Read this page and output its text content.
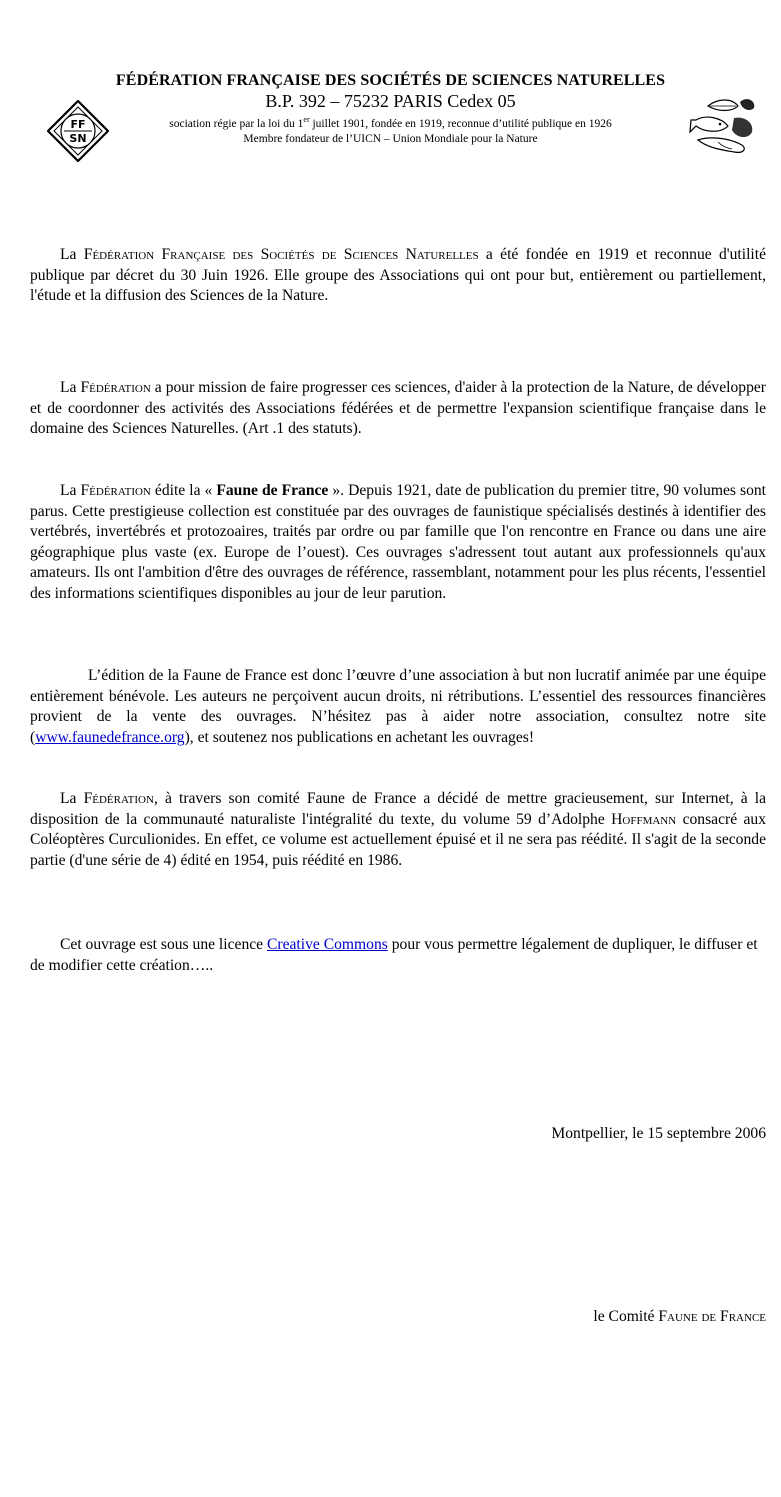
FÉDÉRATION FRANÇAISE DES SOCIÉTÉS DE SCIENCES NATURELLES
B.P. 392 – 75232 PARIS Cedex 05
sociation régie par la loi du 1er juillet 1901, fondée en 1919, reconnue d’utilité publique en 1926
Membre fondateur de l’UICN – Union Mondiale pour la Nature
FF
SN
La Fédération Française des Sociétés de Sciences Naturelles a été fondée en 1919 et reconnue d'utilité publique par décret du 30 Juin 1926. Elle groupe des Associations qui ont pour but, entièrement ou partiellement, l'étude et la diffusion des Sciences de la Nature.
La Fédération a pour mission de faire progresser ces sciences, d'aider à la protection de la Nature, de développer et de coordonner des activités des Associations fédérées et de permettre l'expansion scientifique française dans le domaine des Sciences Naturelles. (Art .1 des statuts).
La Fédération édite la « Faune de France ». Depuis 1921, date de publication du premier titre, 90 volumes sont parus. Cette prestigieuse collection est constituée par des ouvrages de faunistique spécialisés destinés à identifier des vertébrés, invertébrés et protozoaires, traités par ordre ou par famille que l'on rencontre en France ou dans une aire géographique plus vaste (ex. Europe de l’ouest). Ces ouvrages s'adressent tout autant aux professionnels qu'aux amateurs. Ils ont l'ambition d'être des ouvrages de référence, rassemblant, notamment pour les plus récents, l'essentiel des informations scientifiques disponibles au jour de leur parution.
L’édition de la Faune de France est donc l’œuvre d’une association à but non lucratif animée par une équipe entièrement bénévole. Les auteurs ne perçoivent aucun droits, ni rétributions. L’essentiel des ressources financières provient de la vente des ouvrages. N’hésitez pas à aider notre association, consultez notre site (www.faunedefrance.org), et soutenez nos publications en achetant les ouvrages!
La Fédération, à travers son comité Faune de France a décidé de mettre gracieusement, sur Internet, à la disposition de la communauté naturaliste l'intégralité du texte, du volume 59 d’Adolphe Hoffmann consacré aux Coléoptères Curculionides. En effet, ce volume est actuellement épuisé et il ne sera pas réédité. Il s'agit de la seconde partie (d'une série de 4) édité en 1954, puis réédité en 1986.
Cet ouvrage est sous une licence Creative Commons pour vous permettre légalement de dupliquer, le diffuser et de modifier cette création…..
Montpellier, le 15 septembre 2006
le Comité Faune de France
